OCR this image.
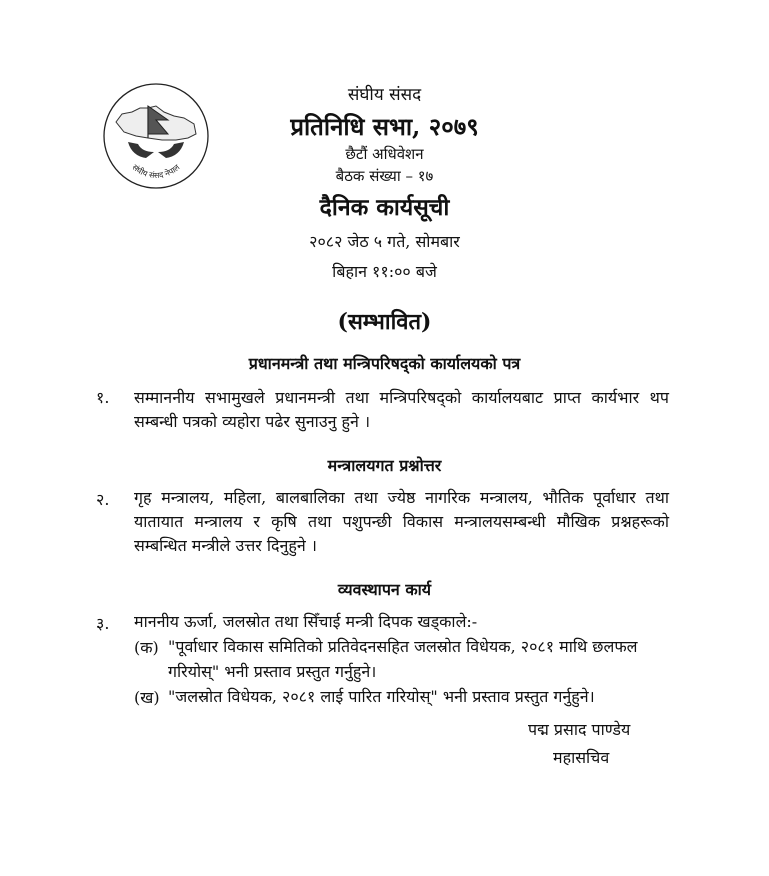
संघीय संसद नेपाल
संघीय संसद
प्रतिनिधि सभा, २०७९
छैटौं अधिवेशन
बैठक संख्या – १७
दैनिक कार्यसूची
२०८२ जेठ ५ गते, सोमबार
बिहान ११:०० बजे
(सम्भावित)
प्रधानमन्त्री तथा मन्त्रिपरिषद्को कार्यालयको पत्र
१. सम्माननीय सभामुखले प्रधानमन्त्री तथा मन्त्रिपरिषद्को कार्यालयबाट प्राप्त कार्यभार थप सम्बन्धी पत्रको व्यहोरा पढेर सुनाउनु हुने ।
मन्त्रालयगत प्रश्नोत्तर
२. गृह मन्त्रालय, महिला, बालबालिका तथा ज्येष्ठ नागरिक मन्त्रालय, भौतिक पूर्वाधार तथा यातायात मन्त्रालय र कृषि तथा पशुपन्छी विकास मन्त्रालयसम्बन्धी मौखिक प्रश्नहरूको सम्बन्धित मन्त्रीले उत्तर दिनुहुने ।
व्यवस्थापन कार्य
३. माननीय ऊर्जा, जलस्रोत तथा सिँचाई मन्त्री दिपक खड्काले:-
(क) "पूर्वाधार विकास समितिको प्रतिवेदनसहित जलस्रोत विधेयक, २०८१ माथि छलफल गरियोस्" भनी प्रस्ताव प्रस्तुत गर्नुहुने।
(ख) "जलस्रोत विधेयक, २०८१ लाई पारित गरियोस्" भनी प्रस्ताव प्रस्तुत गर्नुहुने।
पद्म प्रसाद पाण्डेय
महासचिव
